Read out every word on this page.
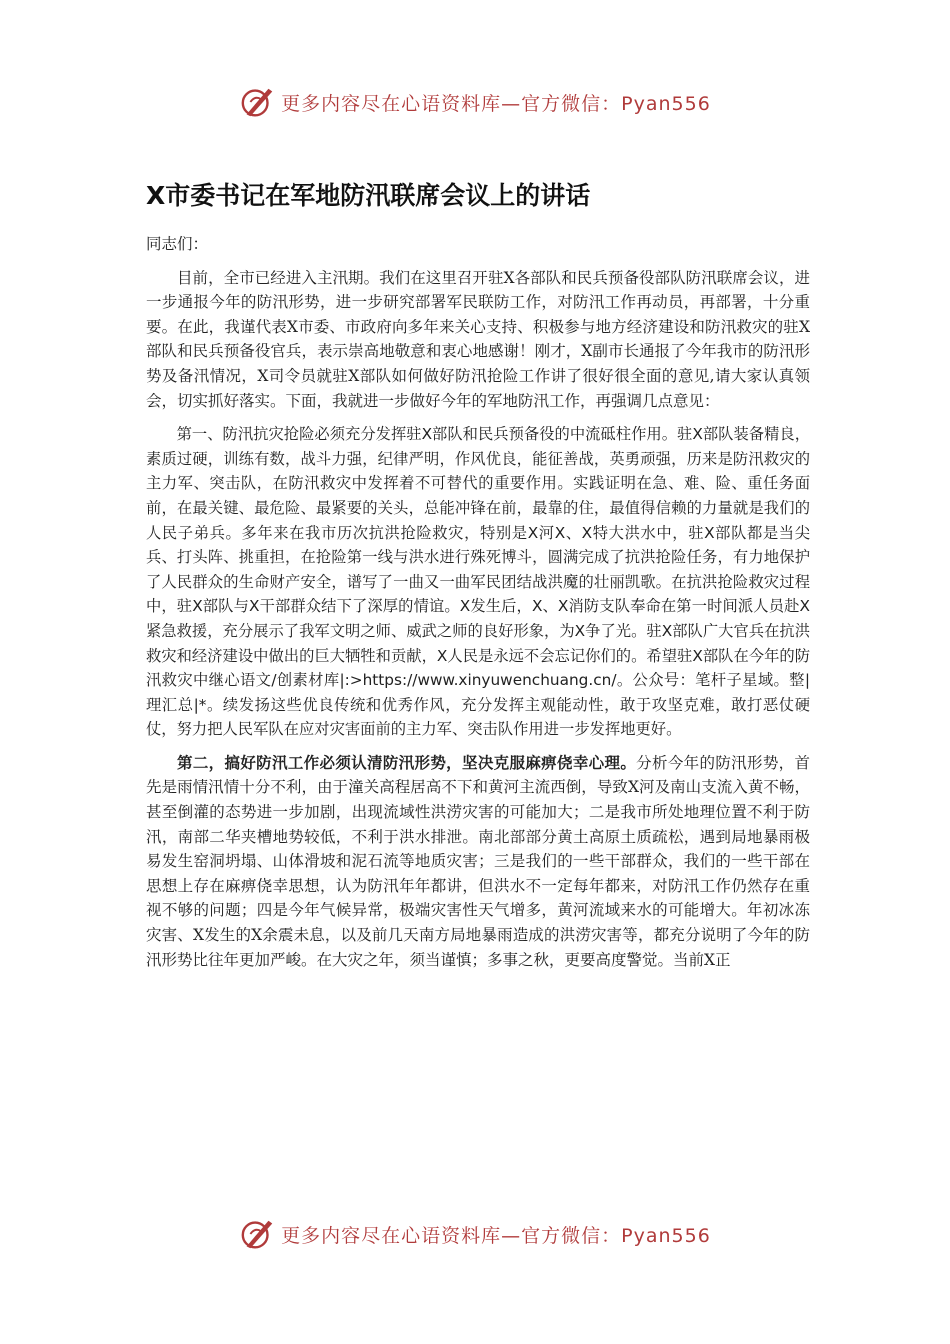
更多内容尽在心语资料库—官方微信：Pyan556
X市委书记在军地防汛联席会议上的讲话

同志们：

目前，全市已经进入主汛期。我们在这里召开驻X各部队和民兵预备役部队防汛联席会议，进一步通报今年的防汛形势，进一步研究部署军民联防工作，对防汛工作再动员，再部署，十分重要。在此，我谨代表X市委、市政府向多年来关心支持、积极参与地方经济建设和防汛救灾的驻X部队和民兵预备役官兵，表示崇高地敬意和衷心地感谢！刚才，X副市长通报了今年我市的防汛形势及备汛情况，X司令员就驻X部队如何做好防汛抢险工作讲了很好很全面的意见,请大家认真领会，切实抓好落实。下面，我就进一步做好今年的军地防汛工作，再强调几点意见：

第一、防汛抗灾抢险必须充分发挥驻X部队和民兵预备役的中流砥柱作用。驻X部队装备精良，素质过硬，训练有数，战斗力强，纪律严明，作风优良，能征善战，英勇顽强，历来是防汛救灾的主力军、突击队，在防汛救灾中发挥着不可替代的重要作用。实践证明在急、难、险、重任务面前，在最关键、最危险、最紧要的关头，总能冲锋在前，最靠的住，最值得信赖的力量就是我们的人民子弟兵。多年来在我市历次抗洪抢险救灾，特别是X河X、X特大洪水中，驻X部队都是当尖兵、打头阵、挑重担，在抢险第一线与洪水进行殊死博斗，圆满完成了抗洪抢险任务，有力地保护了人民群众的生命财产安全，谱写了一曲又一曲军民团结战洪魔的壮丽凯歌。在抗洪抢险救灾过程中，驻X部队与X干部群众结下了深厚的情谊。X发生后，X、X消防支队奉命在第一时间派人员赴X紧急救援，充分展示了我军文明之师、威武之师的良好形象，为X争了光。驻X部队广大官兵在抗洪救灾和经济建设中做出的巨大牺牲和贡献，X人民是永远不会忘记你们的。希望驻X部队在今年的防汛救灾中继心语文/创素材库|:>https://www.xinyuwenchuang.cn/。公众号：笔杆子星域。整|理汇总|*。续发扬这些优良传统和优秀作风，充分发挥主观能动性，敢于攻坚克难，敢打恶仗硬仗，努力把人民军队在应对灾害面前的主力军、突击队作用进一步发挥地更好。

第二，搞好防汛工作必须认清防汛形势，坚决克服麻痹侥幸心理。分析今年的防汛形势，首先是雨情汛情十分不利，由于潼关高程居高不下和黄河主流西倒，导致X河及南山支流入黄不畅，甚至倒灌的态势进一步加剧，出现流域性洪涝灾害的可能加大；二是我市所处地理位置不利于防汛，南部二华夹槽地势较低，不利于洪水排泄。南北部部分黄土高原土质疏松，遇到局地暴雨极易发生窑洞坍塌、山体滑坡和泥石流等地质灾害；三是我们的一些干部群众，我们的一些干部在思想上存在麻痹侥幸思想，认为防汛年年都讲，但洪水不一定每年都来，对防汛工作仍然存在重视不够的问题；四是今年气候异常，极端灾害性天气增多，黄河流域来水的可能增大。年初冰冻灾害、X发生的X余震未息，以及前几天南方局地暴雨造成的洪涝灾害等，都充分说明了今年的防汛形势比往年更加严峻。在大灾之年，须当谨慎；多事之秋，更要高度警觉。当前X正

更多内容尽在心语资料库—官方微信：Pyan556
